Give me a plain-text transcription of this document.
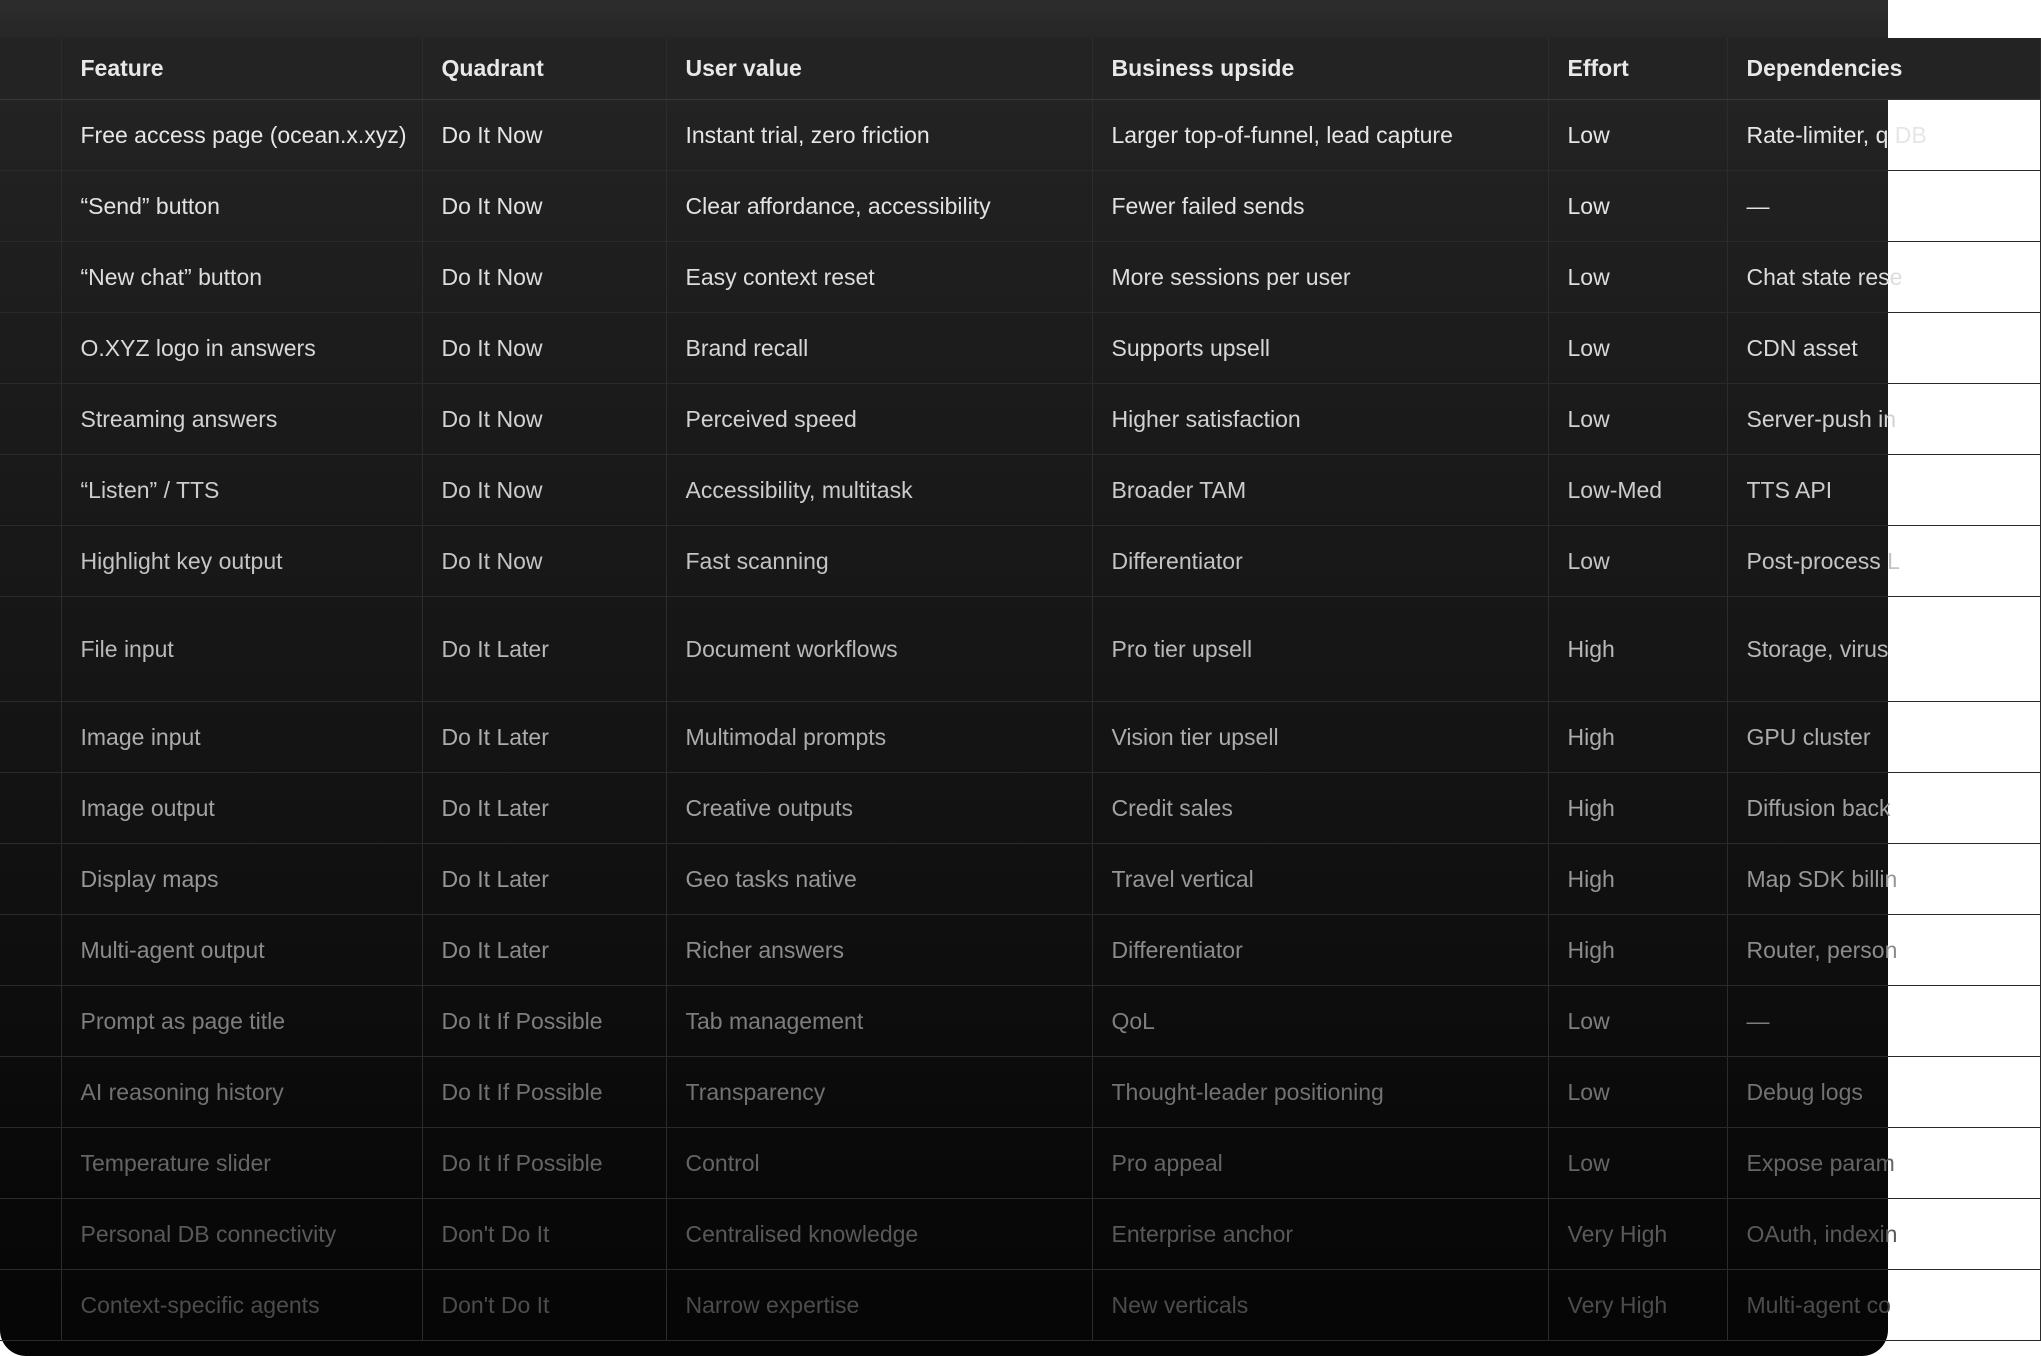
	Feature	Quadrant	User value	Business upside	Effort	Dependencies
	Free access page (ocean.x.xyz)	Do It Now	Instant trial, zero friction	Larger top-of-funnel, lead capture	Low	Rate-limiter, q DB
	“Send” button	Do It Now	Clear affordance, accessibility	Fewer failed sends	Low	—
	“New chat” button	Do It Now	Easy context reset	More sessions per user	Low	Chat state rese
	O.XYZ logo in answers	Do It Now	Brand recall	Supports upsell	Low	CDN asset
	Streaming answers	Do It Now	Perceived speed	Higher satisfaction	Low	Server-push in
	“Listen” / TTS	Do It Now	Accessibility, multitask	Broader TAM	Low-Med	TTS API
	Highlight key output	Do It Now	Fast scanning	Differentiator	Low	Post-process L
	File input	Do It Later	Document workflows	Pro tier upsell	High	Storage, virus
	Image input	Do It Later	Multimodal prompts	Vision tier upsell	High	GPU cluster
	Image output	Do It Later	Creative outputs	Credit sales	High	Diffusion back
	Display maps	Do It Later	Geo tasks native	Travel vertical	High	Map SDK billin
	Multi-agent output	Do It Later	Richer answers	Differentiator	High	Router, person
	Prompt as page title	Do It If Possible	Tab management	QoL	Low	—
	AI reasoning history	Do It If Possible	Transparency	Thought-leader positioning	Low	Debug logs
	Temperature slider	Do It If Possible	Control	Pro appeal	Low	Expose param
	Personal DB connectivity	Don't Do It	Centralised knowledge	Enterprise anchor	Very High	OAuth, indexin
	Context-specific agents	Don't Do It	Narrow expertise	New verticals	Very High	Multi-agent co
